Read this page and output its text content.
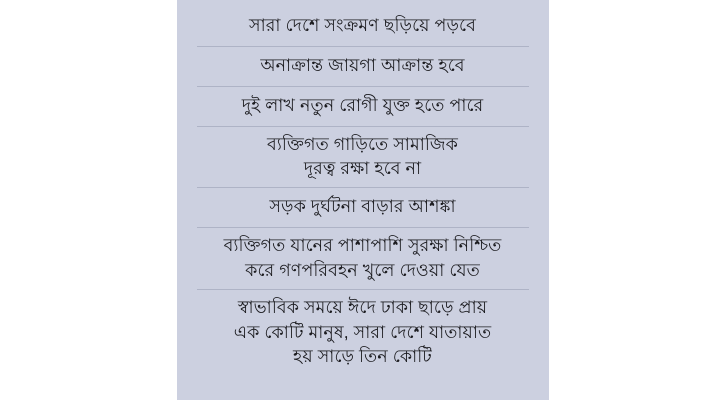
সারা দেশে সংক্রমণ ছড়িয়ে পড়বে
অনাক্রান্ত জায়গা আক্রান্ত হবে
দুই লাখ নতুন রোগী যুক্ত হতে পারে
ব্যক্তিগত গাড়িতে সামাজিক
দূরত্ব রক্ষা হবে না
সড়ক দুর্ঘটনা বাড়ার আশঙ্কা
ব্যক্তিগত যানের পাশাপাশি সুরক্ষা নিশ্চিত
করে গণপরিবহন খুলে দেওয়া যেত
স্বাভাবিক সময়ে ঈদে ঢাকা ছাড়ে প্রায়
এক কোটি মানুষ, সারা দেশে যাতায়াত
হয় সাড়ে তিন কোটি
